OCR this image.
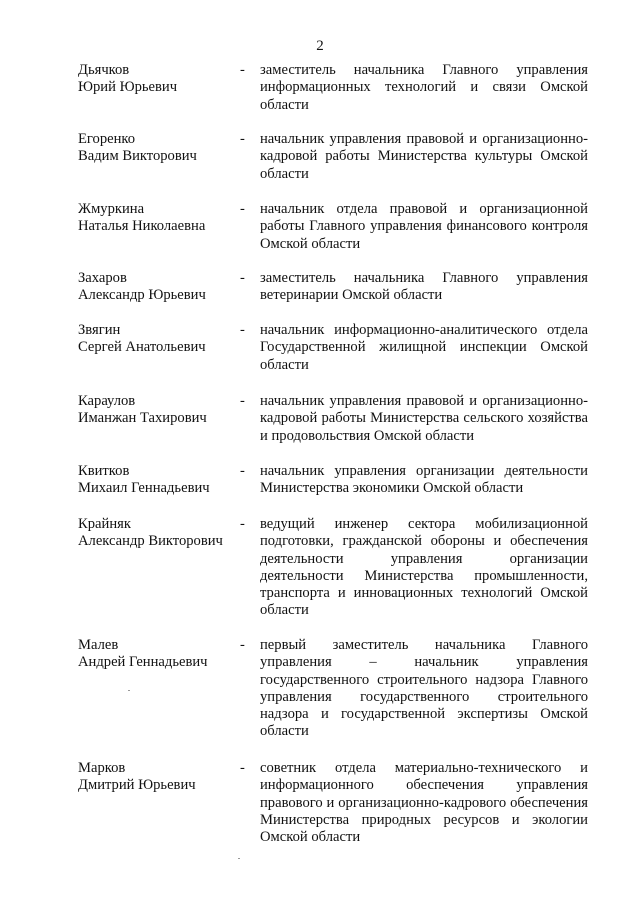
2
Дьячков
Юрий Юрьевич
- заместитель начальника Главного управления информационных технологий и связи Омской области
Егоренко
Вадим Викторович
- начальник управления правовой и организационно-кадровой работы Министерства культуры Омской области
Жмуркина
Наталья Николаевна
- начальник отдела правовой и организационной работы Главного управления финансового контроля Омской области
Захаров
Александр Юрьевич
- заместитель начальника Главного управления ветеринарии Омской области
Звягин
Сергей Анатольевич
- начальник информационно-аналитического отдела Государственной жилищной инспекции Омской области
Караулов
Иманжан Тахирович
- начальник управления правовой и организационно-кадровой работы Министерства сельского хозяйства и продовольствия Омской области
Квитков
Михаил Геннадьевич
- начальник управления организации деятельности Министерства экономики Омской области
Крайняк
Александр Викторович
- ведущий инженер сектора мобилизационной подготовки, гражданской обороны и обеспечения деятельности управления организации деятельности Министерства промышленности, транспорта и инновационных технологий Омской области
Малев
Андрей Геннадьевич
- первый заместитель начальника Главного управления – начальник управления государственного строительного надзора Главного управления государственного строительного надзора и государственной экспертизы Омской области
Марков
Дмитрий Юрьевич
- советник отдела материально-технического и информационного обеспечения управления правового и организационно-кадрового обеспечения Министерства природных ресурсов и экологии Омской области
